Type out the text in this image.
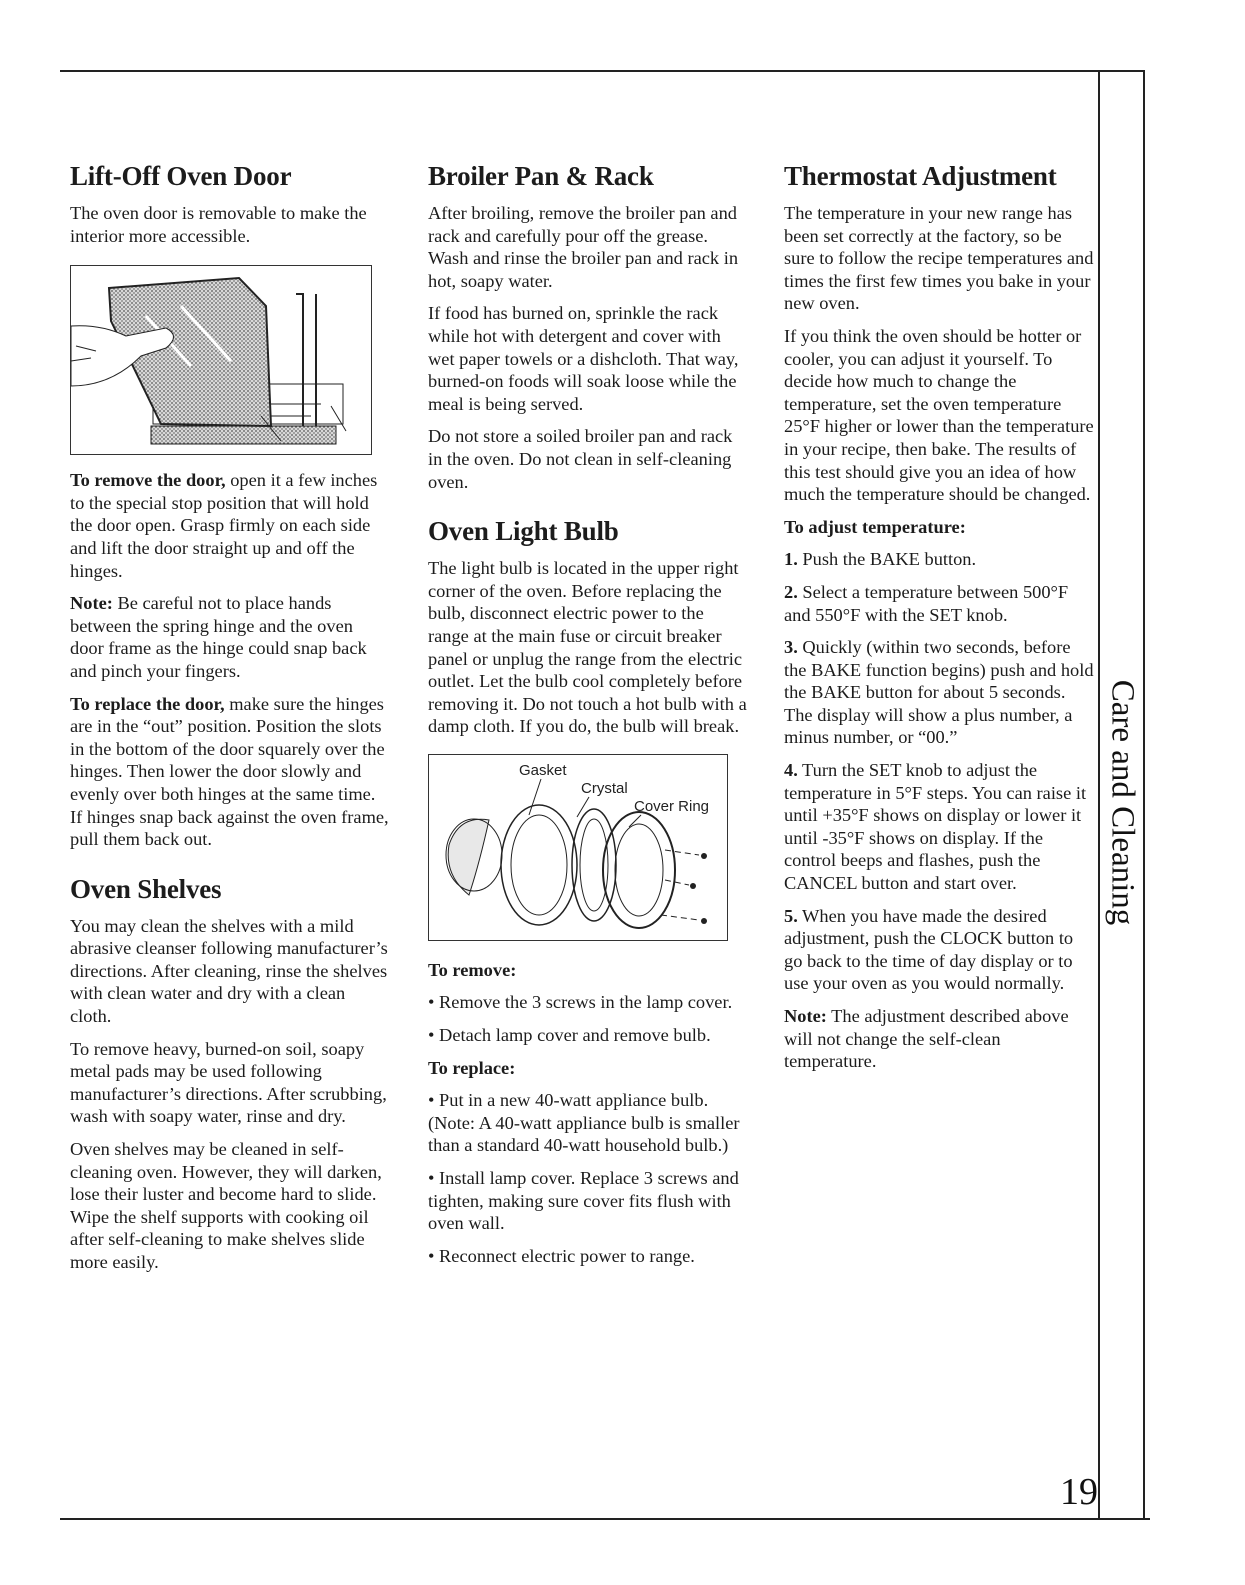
Care and Cleaning
19
Lift-Off Oven Door

The oven door is removable to make the interior more accessible.

To remove the door, open it a few inches to the special stop position that will hold the door open. Grasp firmly on each side and lift the door straight up and off the hinges.

Note: Be careful not to place hands between the spring hinge and the oven door frame as the hinge could snap back and pinch your fingers.

To replace the door, make sure the hinges are in the “out” position. Position the slots in the bottom of the door squarely over the hinges. Then lower the door slowly and evenly over both hinges at the same time. If hinges snap back against the oven frame, pull them back out.

Oven Shelves

You may clean the shelves with a mild abrasive cleanser following manufacturer’s directions. After cleaning, rinse the shelves with clean water and dry with a clean cloth.

To remove heavy, burned-on soil, soapy metal pads may be used following manufacturer’s directions. After scrubbing, wash with soapy water, rinse and dry.

Oven shelves may be cleaned in self-cleaning oven. However, they will darken, lose their luster and become hard to slide. Wipe the shelf supports with cooking oil after self-cleaning to make shelves slide more easily.

Broiler Pan & Rack

After broiling, remove the broiler pan and rack and carefully pour off the grease. Wash and rinse the broiler pan and rack in hot, soapy water.

If food has burned on, sprinkle the rack while hot with detergent and cover with wet paper towels or a dishcloth. That way, burned-on foods will soak loose while the meal is being served.

Do not store a soiled broiler pan and rack in the oven. Do not clean in self-cleaning oven.

Oven Light Bulb

The light bulb is located in the upper right corner of the oven. Before replacing the bulb, disconnect electric power to the range at the main fuse or circuit breaker panel or unplug the range from the electric outlet. Let the bulb cool completely before removing it. Do not touch a hot bulb with a damp cloth. If you do, the bulb will break.

Gasket
Crystal
Cover Ring
To remove:

• Remove the 3 screws in the lamp cover.

• Detach lamp cover and remove bulb.

To replace:

• Put in a new 40-watt appliance bulb. (Note: A 40-watt appliance bulb is smaller than a standard 40-watt household bulb.)

• Install lamp cover. Replace 3 screws and tighten, making sure cover fits flush with oven wall.

• Reconnect electric power to range.

Thermostat Adjustment

The temperature in your new range has been set correctly at the factory, so be sure to follow the recipe temperatures and times the first few times you bake in your new oven.

If you think the oven should be hotter or cooler, you can adjust it yourself. To decide how much to change the temperature, set the oven temperature 25°F higher or lower than the temperature in your recipe, then bake. The results of this test should give you an idea of how much the temperature should be changed.

To adjust temperature:

1. Push the BAKE button.

2. Select a temperature between 500°F and 550°F with the SET knob.

3. Quickly (within two seconds, before the BAKE function begins) push and hold the BAKE button for about 5 seconds. The display will show a plus number, a minus number, or “00.”

4. Turn the SET knob to adjust the temperature in 5°F steps. You can raise it until +35°F shows on display or lower it until -35°F shows on display. If the control beeps and flashes, push the CANCEL button and start over.

5. When you have made the desired adjustment, push the CLOCK button to go back to the time of day display or to use your oven as you would normally.

Note: The adjustment described above will not change the self-clean temperature.
